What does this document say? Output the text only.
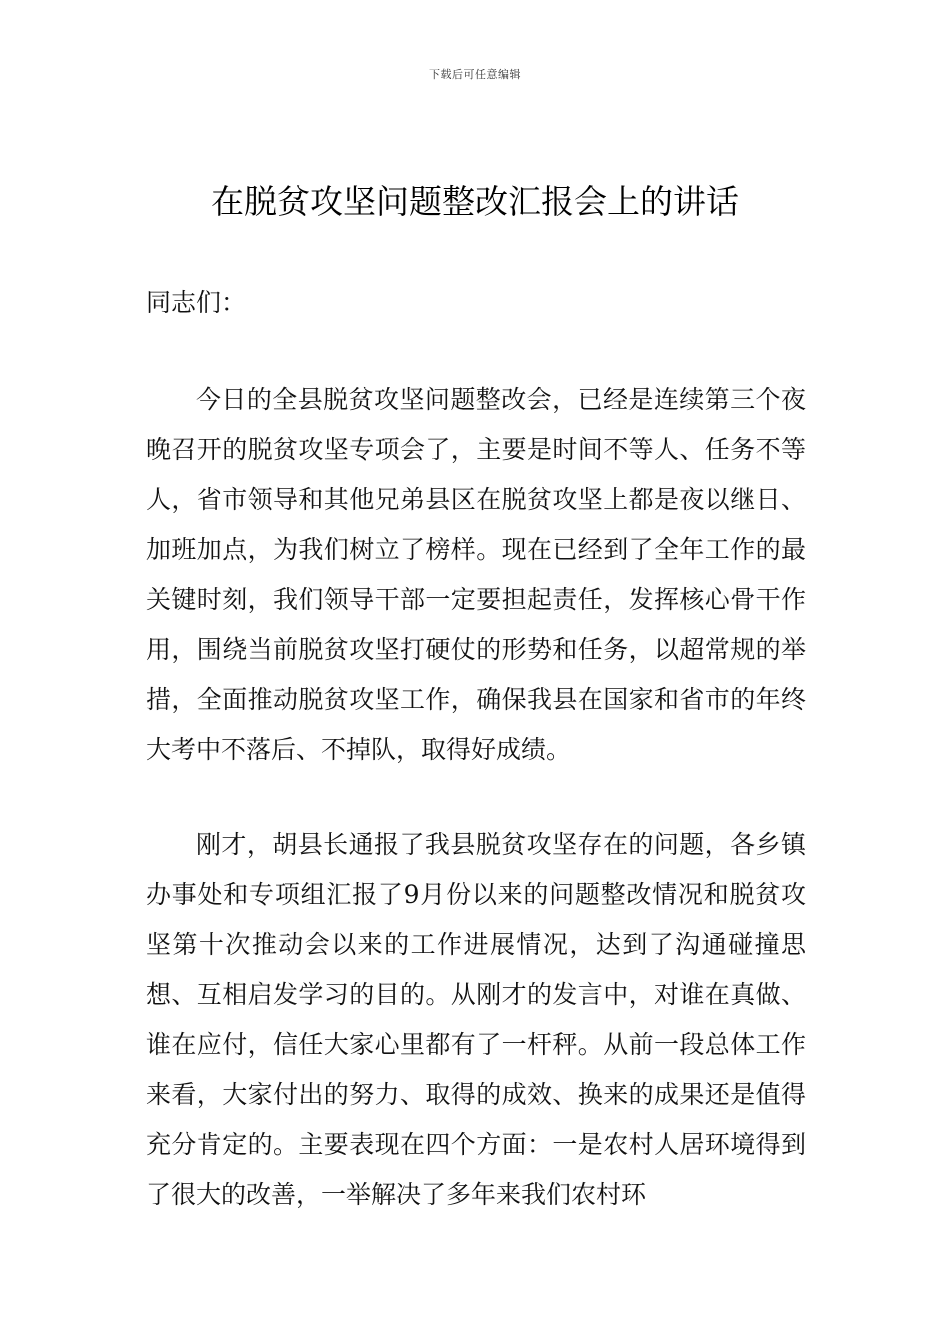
下载后可任意编辑
在脱贫攻坚问题整改汇报会上的讲话
同志们：

今日的全县脱贫攻坚问题整改会，已经是连续第三个夜晚召开的脱贫攻坚专项会了，主要是时间不等人、任务不等人，省市领导和其他兄弟县区在脱贫攻坚上都是夜以继日、加班加点，为我们树立了榜样。现在已经到了全年工作的最关键时刻，我们领导干部一定要担起责任，发挥核心骨干作用，围绕当前脱贫攻坚打硬仗的形势和任务，以超常规的举措，全面推动脱贫攻坚工作，确保我县在国家和省市的年终大考中不落后、不掉队，取得好成绩。

刚才，胡县长通报了我县脱贫攻坚存在的问题，各乡镇办事处和专项组汇报了9月份以来的问题整改情况和脱贫攻坚第十次推动会以来的工作进展情况，达到了沟通碰撞思想、互相启发学习的目的。从刚才的发言中，对谁在真做、谁在应付，信任大家心里都有了一杆秤。从前一段总体工作来看，大家付出的努力、取得的成效、换来的成果还是值得充分肯定的。主要表现在四个方面：一是农村人居环境得到了很大的改善，一举解决了多年来我们农村环
